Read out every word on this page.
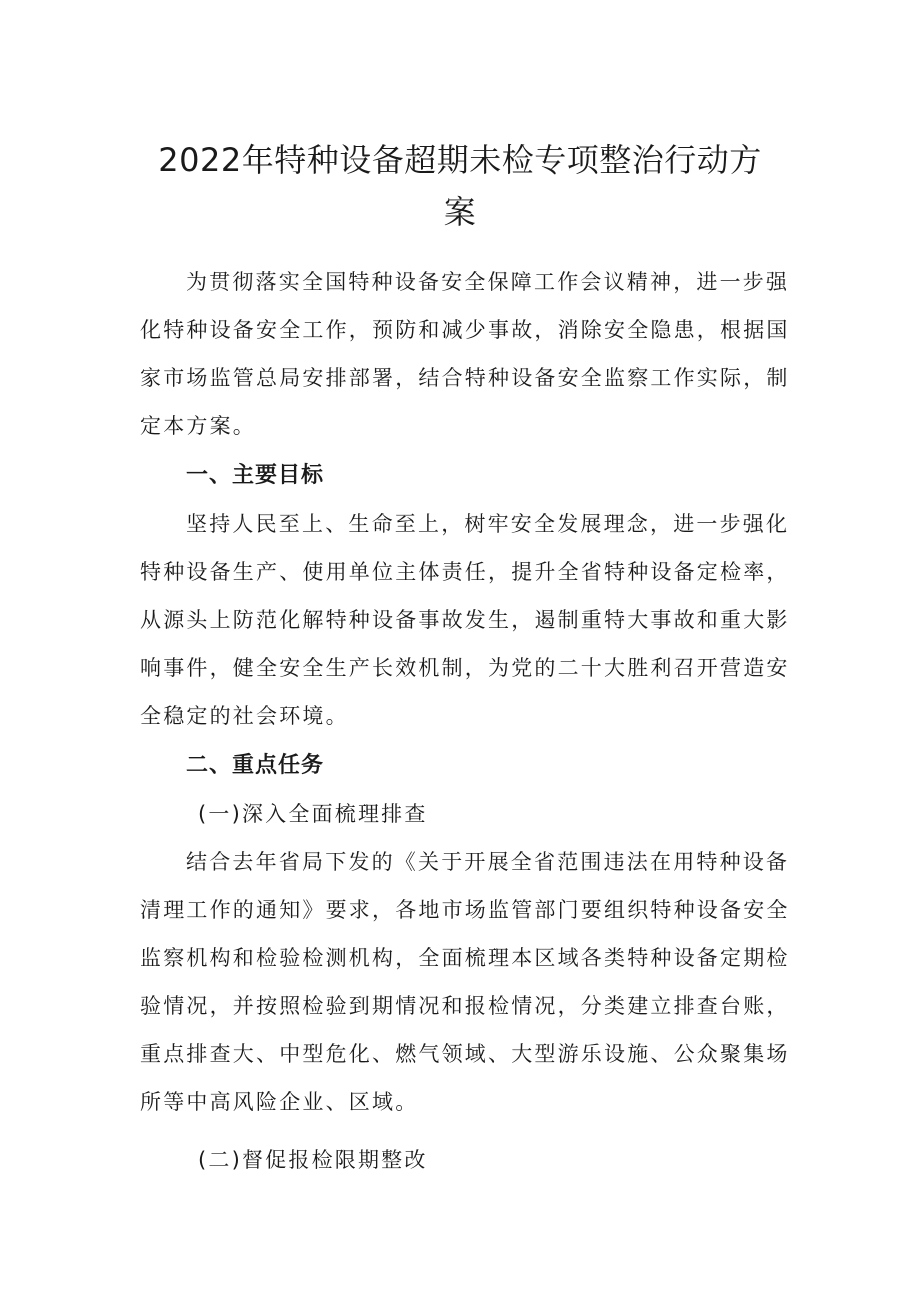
2022年特种设备超期未检专项整治行动方
案

为贯彻落实全国特种设备安全保障工作会议精神，进一步强

化特种设备安全工作，预防和减少事故，消除安全隐患，根据国

家市场监管总局安排部署，结合特种设备安全监察工作实际，制

定本方案。

一、主要目标

坚持人民至上、生命至上，树牢安全发展理念，进一步强化

特种设备生产、使用单位主体责任，提升全省特种设备定检率，

从源头上防范化解特种设备事故发生，遏制重特大事故和重大影

响事件，健全安全生产长效机制，为党的二十大胜利召开营造安

全稳定的社会环境。

二、重点任务

(一)深入全面梳理排查

结合去年省局下发的《关于开展全省范围违法在用特种设备

清理工作的通知》要求，各地市场监管部门要组织特种设备安全

监察机构和检验检测机构，全面梳理本区域各类特种设备定期检

验情况，并按照检验到期情况和报检情况，分类建立排查台账，

重点排查大、中型危化、燃气领域、大型游乐设施、公众聚集场

所等中高风险企业、区域。

(二)督促报检限期整改
